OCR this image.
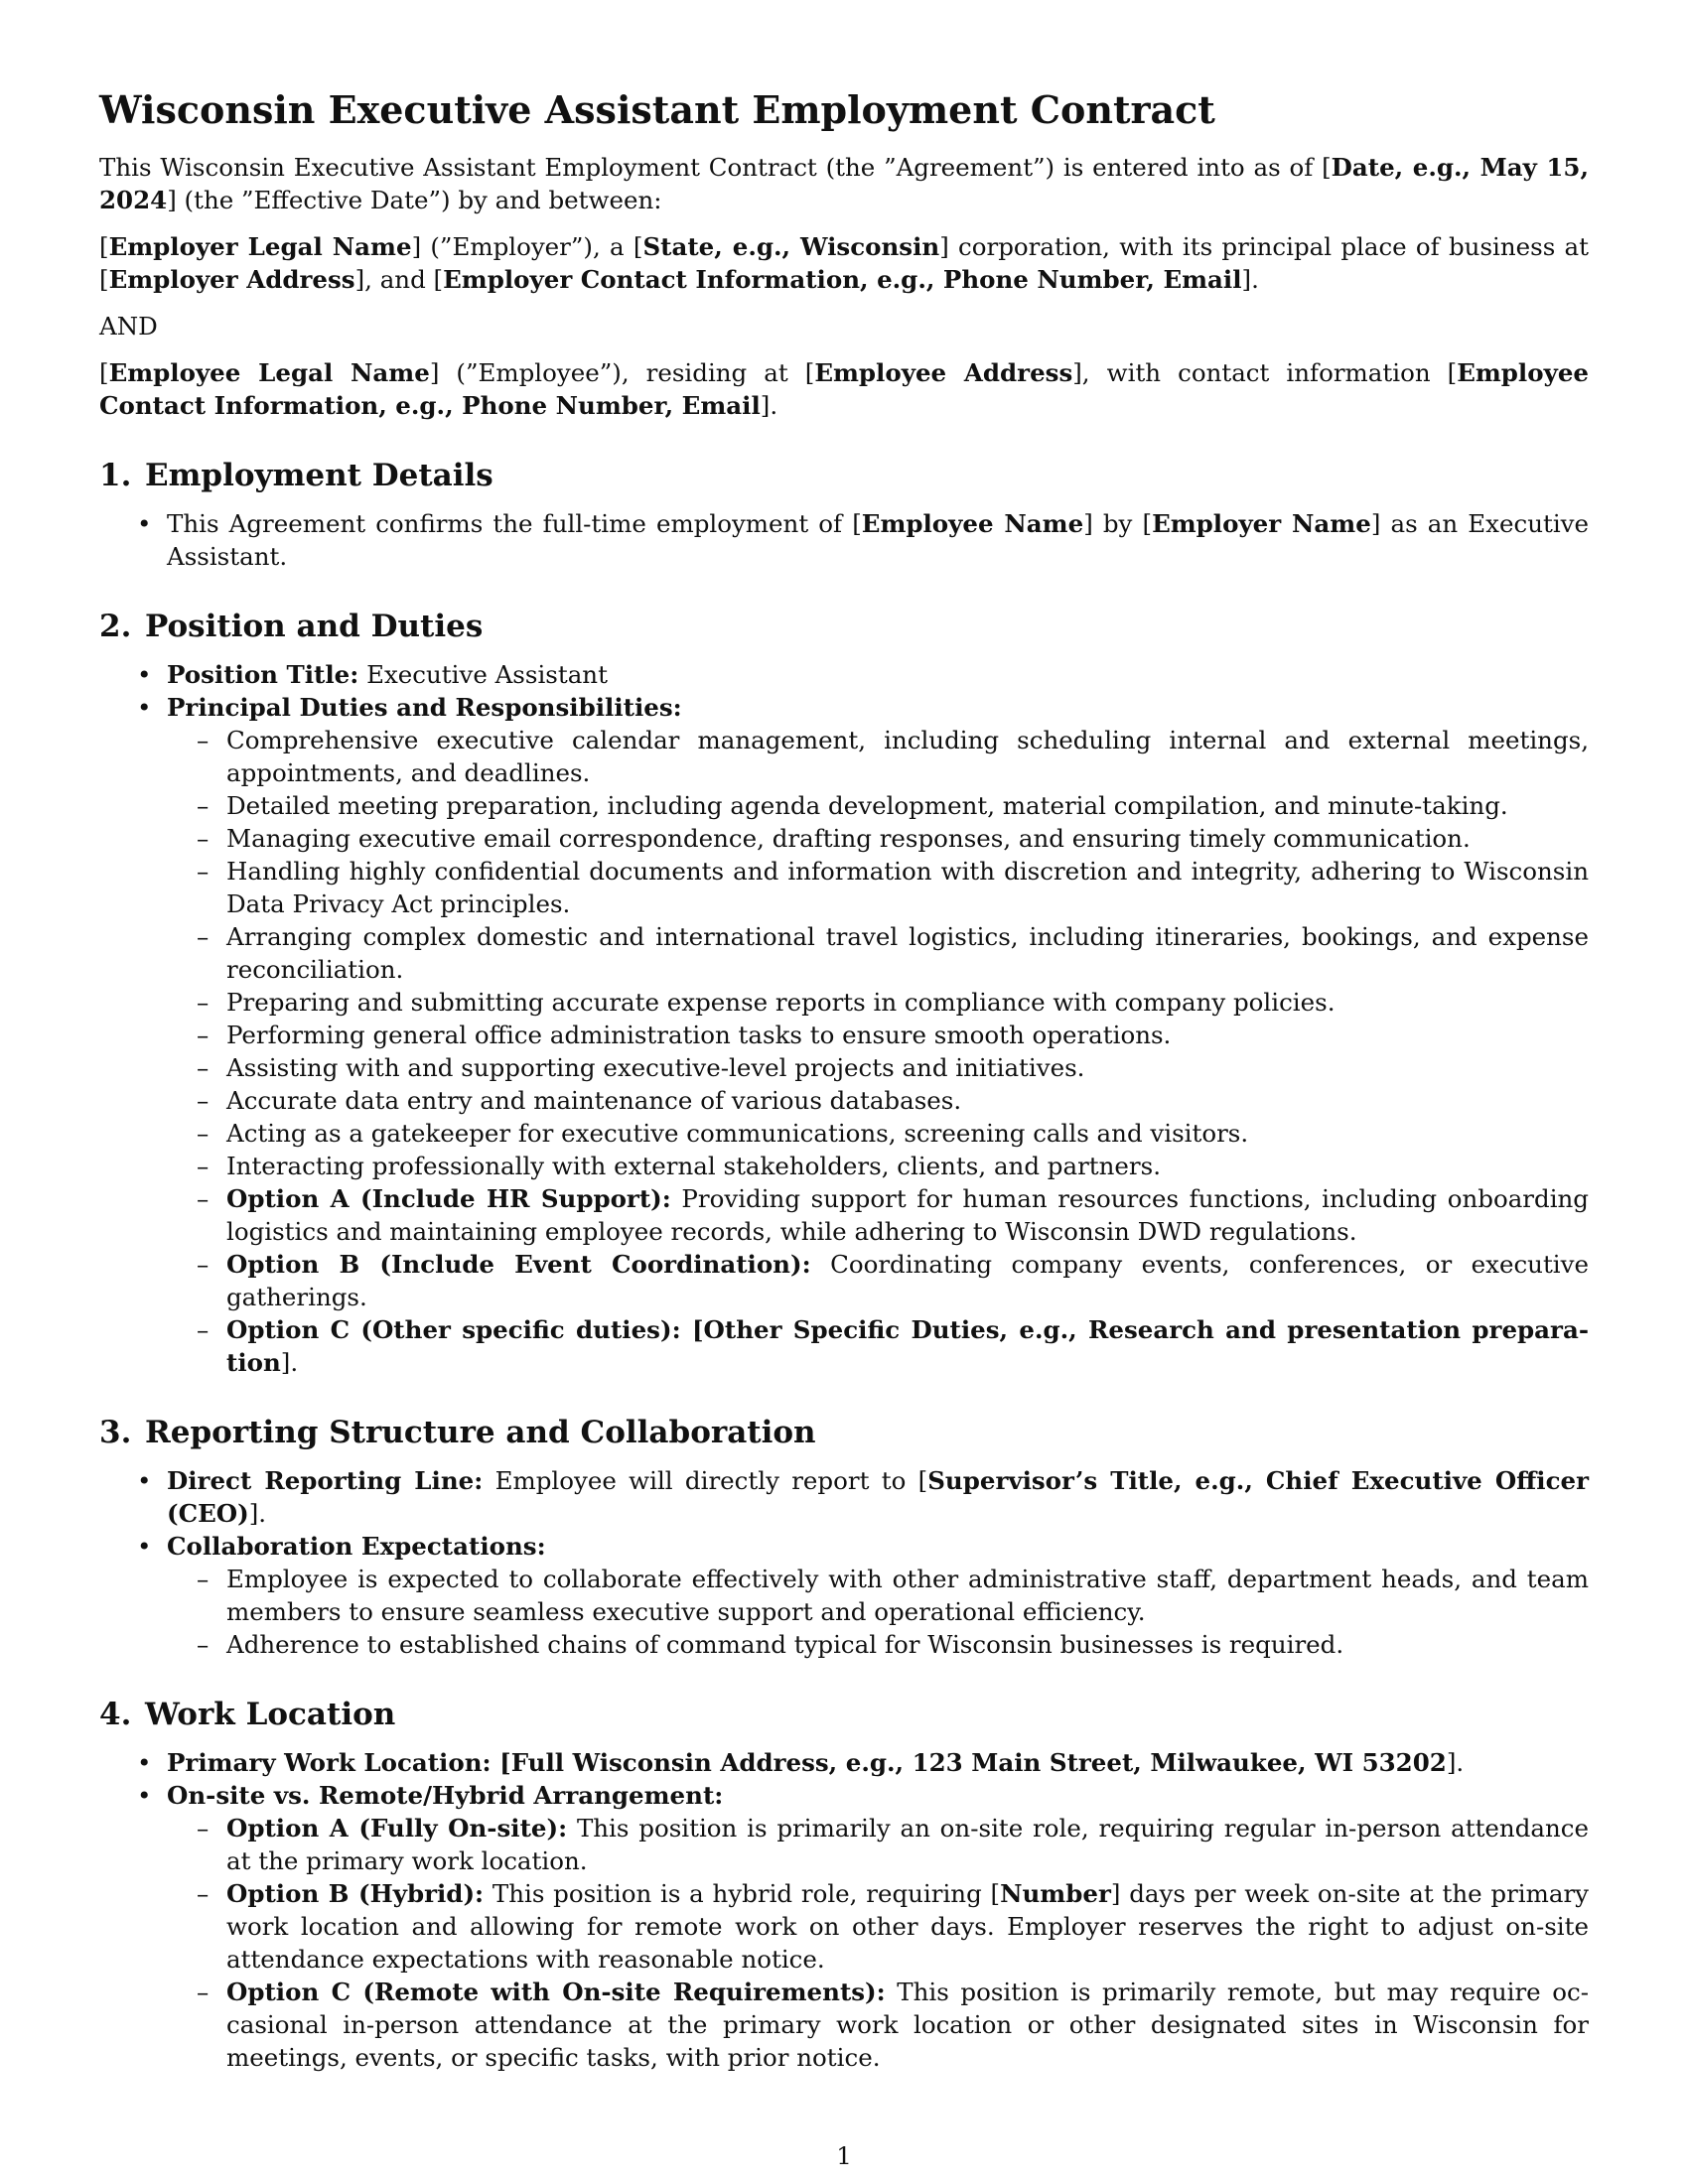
Wisconsin Executive Assistant Employment Contract

This Wisconsin Executive Assistant Employment Contract (the ”Agreement”) is entered into as of [Date, e.g., May 15, 2024] (the ”Effective Date”) by and between:

[Employer Legal Name] (”Employer”), a [State, e.g., Wisconsin] corporation, with its principal place of business at [Employer Address], and [Employer Contact Information, e.g., Phone Number, Email].

AND

[Employee Legal Name] (”Employee”), residing at [Employee Address], with contact information [Employee Contact Information, e.g., Phone Number, Email].

1. Employment Details
• This Agreement confirms the full-time employment of [Employee Name] by [Employer Name] as an Executive Assistant.
2. Position and Duties
• Position Title: Executive Assistant
• Principal Duties and Responsibilities:
– Comprehensive executive calendar management, including scheduling internal and external meetings, appointments, and deadlines.
– Detailed meeting preparation, including agenda development, material compilation, and minute-taking.
– Managing executive email correspondence, drafting responses, and ensuring timely communication.
– Handling highly confidential documents and information with discretion and integrity, adhering to Wisconsin Data Privacy Act principles.
– Arranging complex domestic and international travel logistics, including itineraries, bookings, and expense reconciliation.
– Preparing and submitting accurate expense reports in compliance with company policies.
– Performing general office administration tasks to ensure smooth operations.
– Assisting with and supporting executive-level projects and initiatives.
– Accurate data entry and maintenance of various databases.
– Acting as a gatekeeper for executive communications, screening calls and visitors.
– Interacting professionally with external stakeholders, clients, and partners.
– Option A (Include HR Support): Providing support for human resources functions, including onboarding logistics and maintaining employee records, while adhering to Wisconsin DWD regulations.
– Option B (Include Event Coordination): Coordinating company events, conferences, or executive gatherings.
– Option C (Other specific duties): [Other Specific Duties, e.g., Research and presentation preparation].
3. Reporting Structure and Collaboration
• Direct Reporting Line: Employee will directly report to [Supervisor’s Title, e.g., Chief Executive Officer (CEO)].
• Collaboration Expectations:
– Employee is expected to collaborate effectively with other administrative staff, department heads, and team members to ensure seamless executive support and operational efficiency.
– Adherence to established chains of command typical for Wisconsin businesses is required.
4. Work Location
• Primary Work Location: [Full Wisconsin Address, e.g., 123 Main Street, Milwaukee, WI 53202].
• On-site vs. Remote/Hybrid Arrangement:
– Option A (Fully On-site): This position is primarily an on-site role, requiring regular in-person attendance at the primary work location.
– Option B (Hybrid): This position is a hybrid role, requiring [Number] days per week on-site at the primary work location and allowing for remote work on other days. Employer reserves the right to adjust on-site attendance expectations with reasonable notice.
– Option C (Remote with On-site Requirements): This position is primarily remote, but may require occasional in-person attendance at the primary work location or other designated sites in Wisconsin for meetings, events, or specific tasks, with prior notice.
1
